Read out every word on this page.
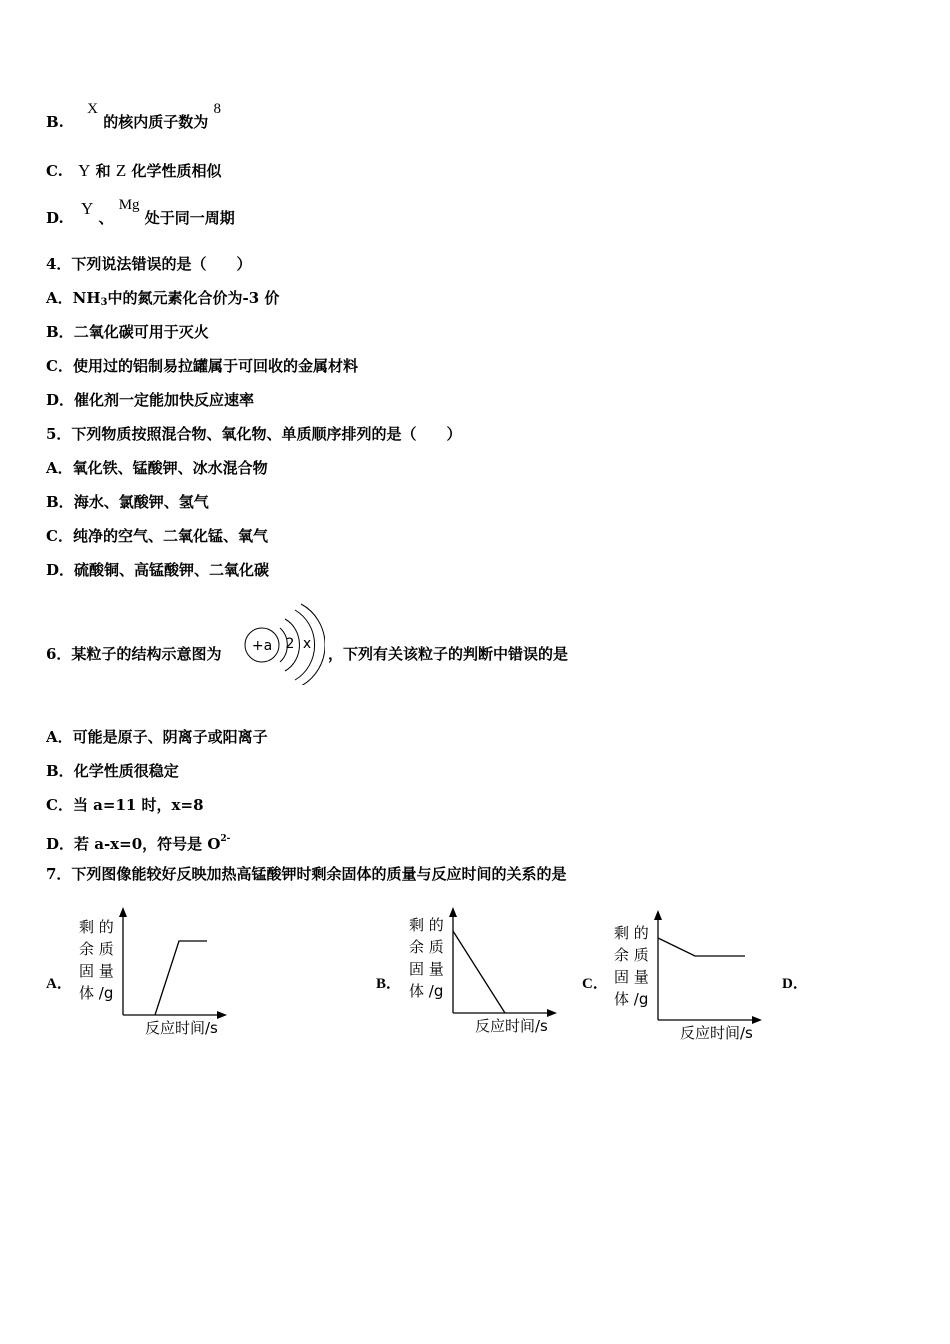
B. X 的核内质子数为 8
C. Y 和 Z 化学性质相似
D. Y 、 Mg 处于同一周期
4．下列说法错误的是（　　）
A．$NH_3$中的氮元素化合价为-3 价
B．二氧化碳可用于灭火
C．使用过的铝制易拉罐属于可回收的金属材料
D．催化剂一定能加快反应速率
5．下列物质按照混合物、氧化物、单质顺序排列的是（　　）
A．氧化铁、锰酸钾、冰水混合物
B．海水、氯酸钾、氢气
C．纯净的空气、二氧化锰、氧气
D．硫酸铜、高锰酸钾、二氧化碳
6．某粒子的结构示意图为 +a 2 x
，下列有关该粒子的判断中错误的是
A．可能是原子、阴离子或阳离子
B．化学性质很稳定
C．当 a=11 时，x=8
D．若 a-x=0，符号是 $O^{2-}$
7．下列图像能较好反映加热高锰酸钾时剩余固体的质量与反应时间的关系的是
A．
剩 的
余 质
固 量
体 /g
反应时间/s
B．
剩 的
余 质
固 量
体 /g
反应时间/s
C．
剩 的
余 质
固 量
体 /g
反应时间/s
D．
